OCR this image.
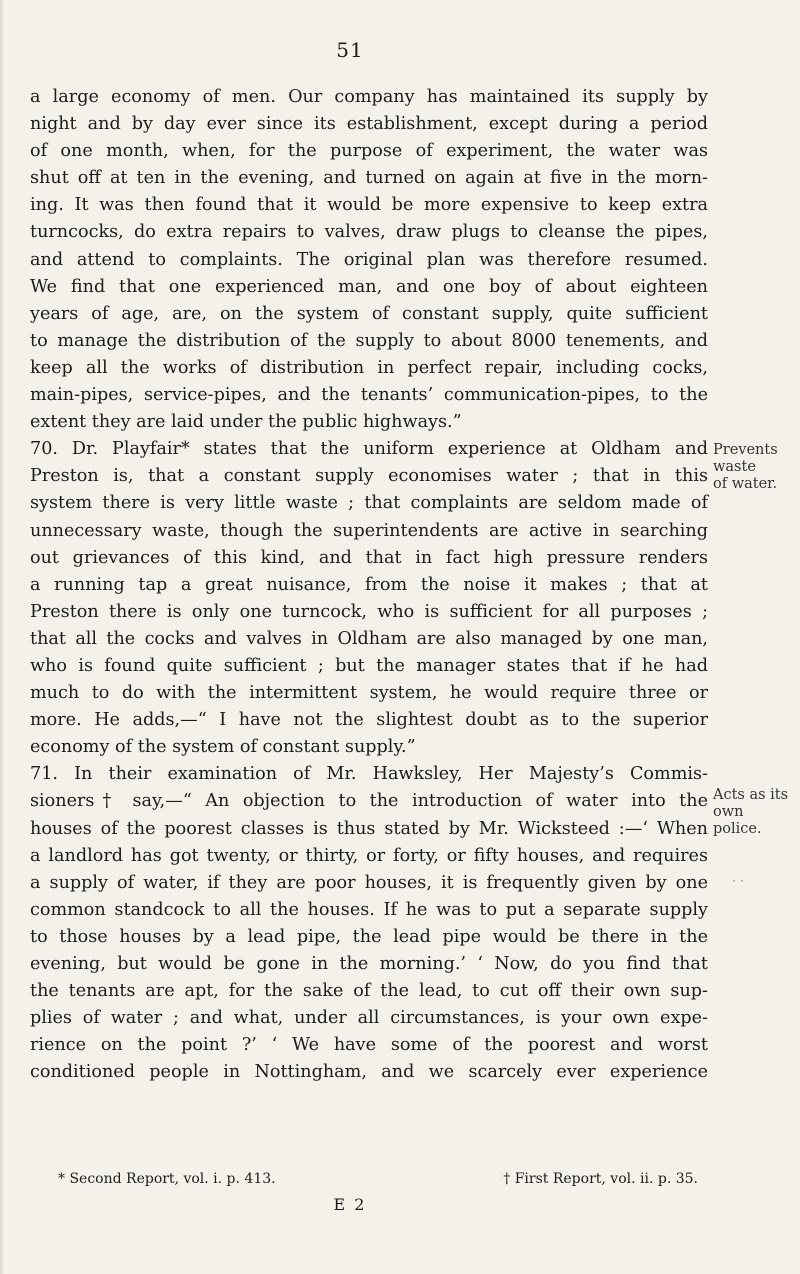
51
a large economy of men. Our company has maintained its supply by
night and by day ever since its establishment, except during a period
of one month, when, for the purpose of experiment, the water was
shut off at ten in the evening, and turned on again at five in the morn-
ing. It was then found that it would be more expensive to keep extra
turncocks, do extra repairs to valves, draw plugs to cleanse the pipes,
and attend to complaints. The original plan was therefore resumed.
We find that one experienced man, and one boy of about eighteen
years of age, are, on the system of constant supply, quite sufficient
to manage the distribution of the supply to about 8000 tenements, and
keep all the works of distribution in perfect repair, including cocks,
main-pipes, service-pipes, and the tenants’ communication-pipes, to the
extent they are laid under the public highways.”
70. Dr. Playfair* states that the uniform experience at Oldham and
Preston is, that a constant supply economises water ; that in this
system there is very little waste ; that complaints are seldom made of
unnecessary waste, though the superintendents are active in searching
out grievances of this kind, and that in fact high pressure renders
a running tap a great nuisance, from the noise it makes ; that at
Preston there is only one turncock, who is sufficient for all purposes ;
that all the cocks and valves in Oldham are also managed by one man,
who is found quite sufficient ; but the manager states that if he had
much to do with the intermittent system, he would require three or
more. He adds,—“ I have not the slightest doubt as to the superior
economy of the system of constant supply.”
71. In their examination of Mr. Hawksley, Her Majesty’s Commis-
sioners† say,—“ An objection to the introduction of water into the
houses of the poorest classes is thus stated by Mr. Wicksteed :—‘ When
a landlord has got twenty, or thirty, or forty, or fifty houses, and requires
a supply of water, if they are poor houses, it is frequently given by one
common standcock to all the houses. If he was to put a separate supply
to those houses by a lead pipe, the lead pipe would be there in the
evening, but would be gone in the morning.’ ‘ Now, do you find that
the tenants are apt, for the sake of the lead, to cut off their own sup-
plies of water ; and what, under all circumstances, is your own expe-
rience on the point ?’ ‘ We have some of the poorest and worst
conditioned people in Nottingham, and we scarcely ever experience
Prevents waste
of water.
Acts as its own
police.
⋅ ⋅
* Second Report, vol. i. p. 413.	† First Report, vol. ii. p. 35.
E 2
